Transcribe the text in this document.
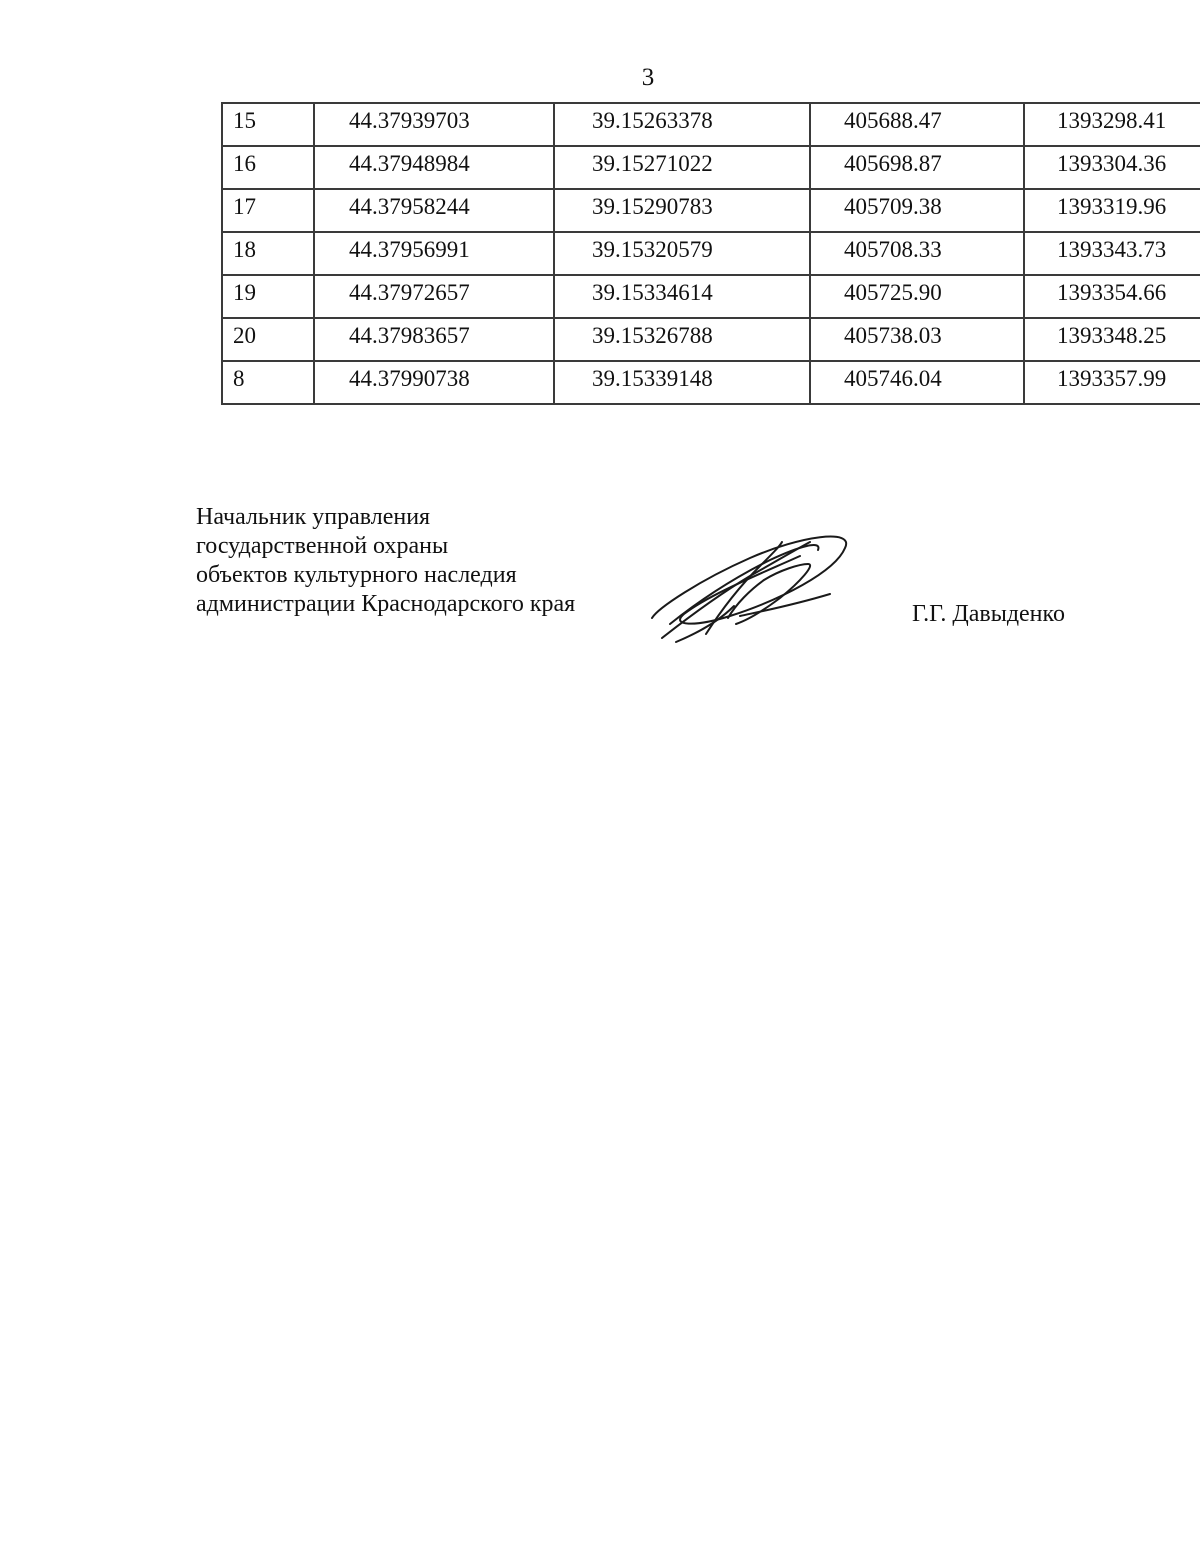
3
15	44.37939703	39.15263378	405688.47	1393298.41

16	44.37948984	39.15271022	405698.87	1393304.36

17	44.37958244	39.15290783	405709.38	1393319.96

18	44.37956991	39.15320579	405708.33	1393343.73

19	44.37972657	39.15334614	405725.90	1393354.66

20	44.37983657	39.15326788	405738.03	1393348.25

8	44.37990738	39.15339148	405746.04	1393357.99
Начальник управления
государственной охраны
объектов культурного наследия
администрации Краснодарского края	Г.Г. Давыденко
